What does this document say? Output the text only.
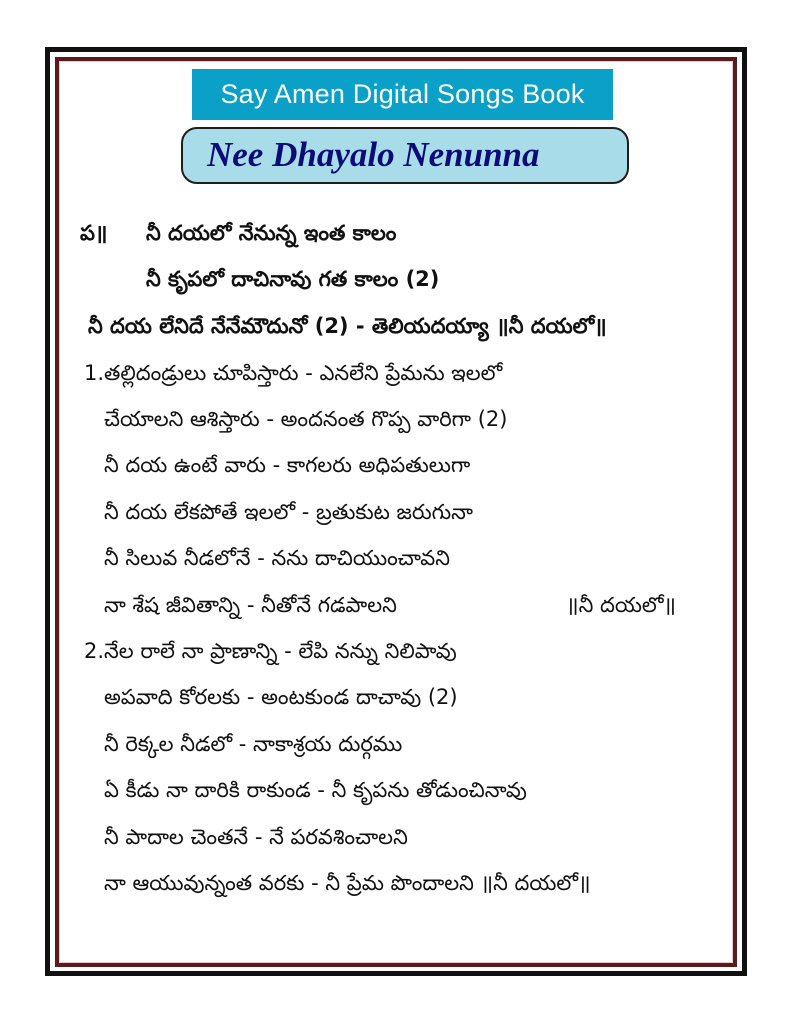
Say Amen Digital Songs Book
Nee Dhayalo Nenunna
ప॥ నీ దయలో నేనున్న ఇంత కాలం
నీ కృపలో దాచినావు గత కాలం (2)
నీ దయ లేనిదే నేనేమౌదునో (2) - తెలియదయ్యా ॥నీ దయలో॥
1.తల్లిదండ్రులు చూపిస్తారు - ఎనలేని ప్రేమను ఇలలో
చేయాలని ఆశిస్తారు - అందనంత గొప్ప వారిగా (2)
నీ దయ ఉంటే వారు - కాగలరు అధిపతులుగా
నీ దయ లేకపోతే ఇలలో - బ్రతుకుట జరుగునా
నీ సిలువ నీడలోనే - నను దాచియుంచావని
నా శేష జీవితాన్ని - నీతోనే గడపాలని	॥నీ దయలో॥
2.నేల రాలే నా ప్రాణాన్ని - లేపి నన్ను నిలిపావు
అపవాది కోరలకు - అంటకుండ దాచావు (2)
నీ రెక్కల నీడలో - నాకాశ్రయ దుర్గము
ఏ కీడు నా దారికి రాకుండ - నీ కృపను తోడుంచినావు
నీ పాదాల చెంతనే - నే పరవశించాలని
నా ఆయువున్నంత వరకు - నీ ప్రేమ పొందాలని ॥నీ దయలో॥
